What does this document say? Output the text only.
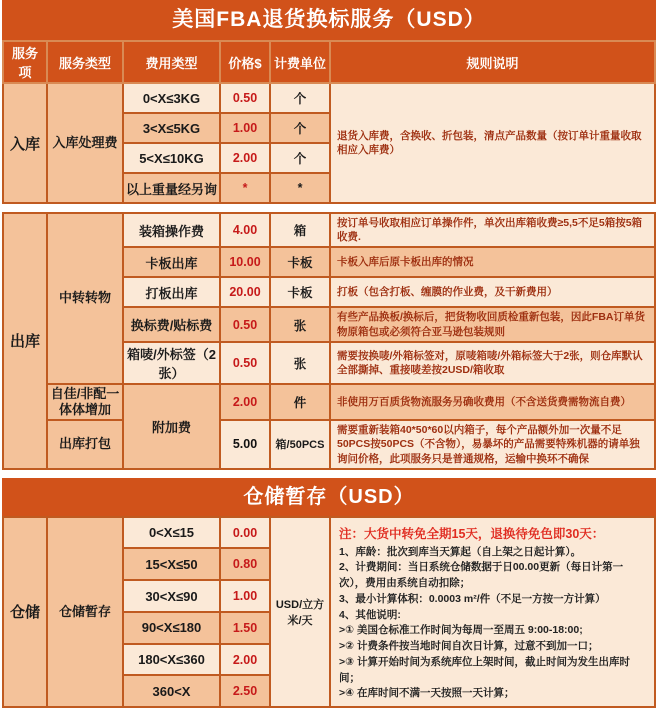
美国FBA退货换标服务（USD）
服务项	服务类型	费用类型	价格$	计费单位	规则说明
入库	入库处理费	0<X≤3KG	0.50	个	退货入库费，含换收、折包装，清点产品数量（按订单计重量收取相应入库费）
		3<X≤5KG	1.00	个	
		5<X≤10KG	2.00	个	
		以上重量经另询	*	*	
出库	中转转物	装箱操作费	4.00	箱	按订单号收取相应订单操作件，单次出库箱收费≥5,5不足5箱按5箱收费.
		卡板出库	10.00	卡板	卡板入库后原卡板出库的情况
		打板出库	20.00	卡板	打板（包含打板、缠膜的作业费，及干新费用）
		换标费/贴标费	0.50	张	有些产品换板/换标后，把货物收回质检重新包装，因此FBA订单货物原箱包或必须符合亚马逊包装规则
		箱唛/外标签（2张）	0.50	张	需要按换唛/外箱标签对，原唛箱唛/外箱标签大于2张，则仓库默认全部撕掉、重接唛差按2USD/箱收取
	自佳/非配一体体增加	附加费	2.00	件	非使用万百质货物流服务另确收费用（不含送货费需物流自费）
	出库打包		5.00	箱/50PCS	需要重新装箱40*50*60以内箱子，每个产品额外加一次量不足50PCS按50PCS（不含物），易暴坏的产品需要特殊机器的请单独询问价格，此项服务只是普通规格，运输中换环不确保
仓储暂存（USD）
仓储	仓储暂存	0<X≤15	0.00	USD/立方米/天	
注：大货中转免全期15天，退换待免色即30天：
1、库龄：批次到库当天算起（自上架之日起计算）。
2、计费期间：当日系统仓储数据于日00.00更新（每日计第一次），费用由系统自动扣除；
3、最小计算体积：0.0003 m²/件（不足一方按一方计算）
4、其他说明:
>① 美国仓标准工作时间为每周一至周五 9:00-18:00;
>② 计费条件按当地时间自次日计算，过意不到加一口；
>③ 计算开始时间为系统库位上架时间，截止时间为发生出库时间；
>④ 在库时间不满一天按照一天计算；

		15<X≤50	0.80		
		30<X≤90	1.00		
		90<X≤180	1.50		
		180<X≤360	2.00		
		360<X	2.50		
